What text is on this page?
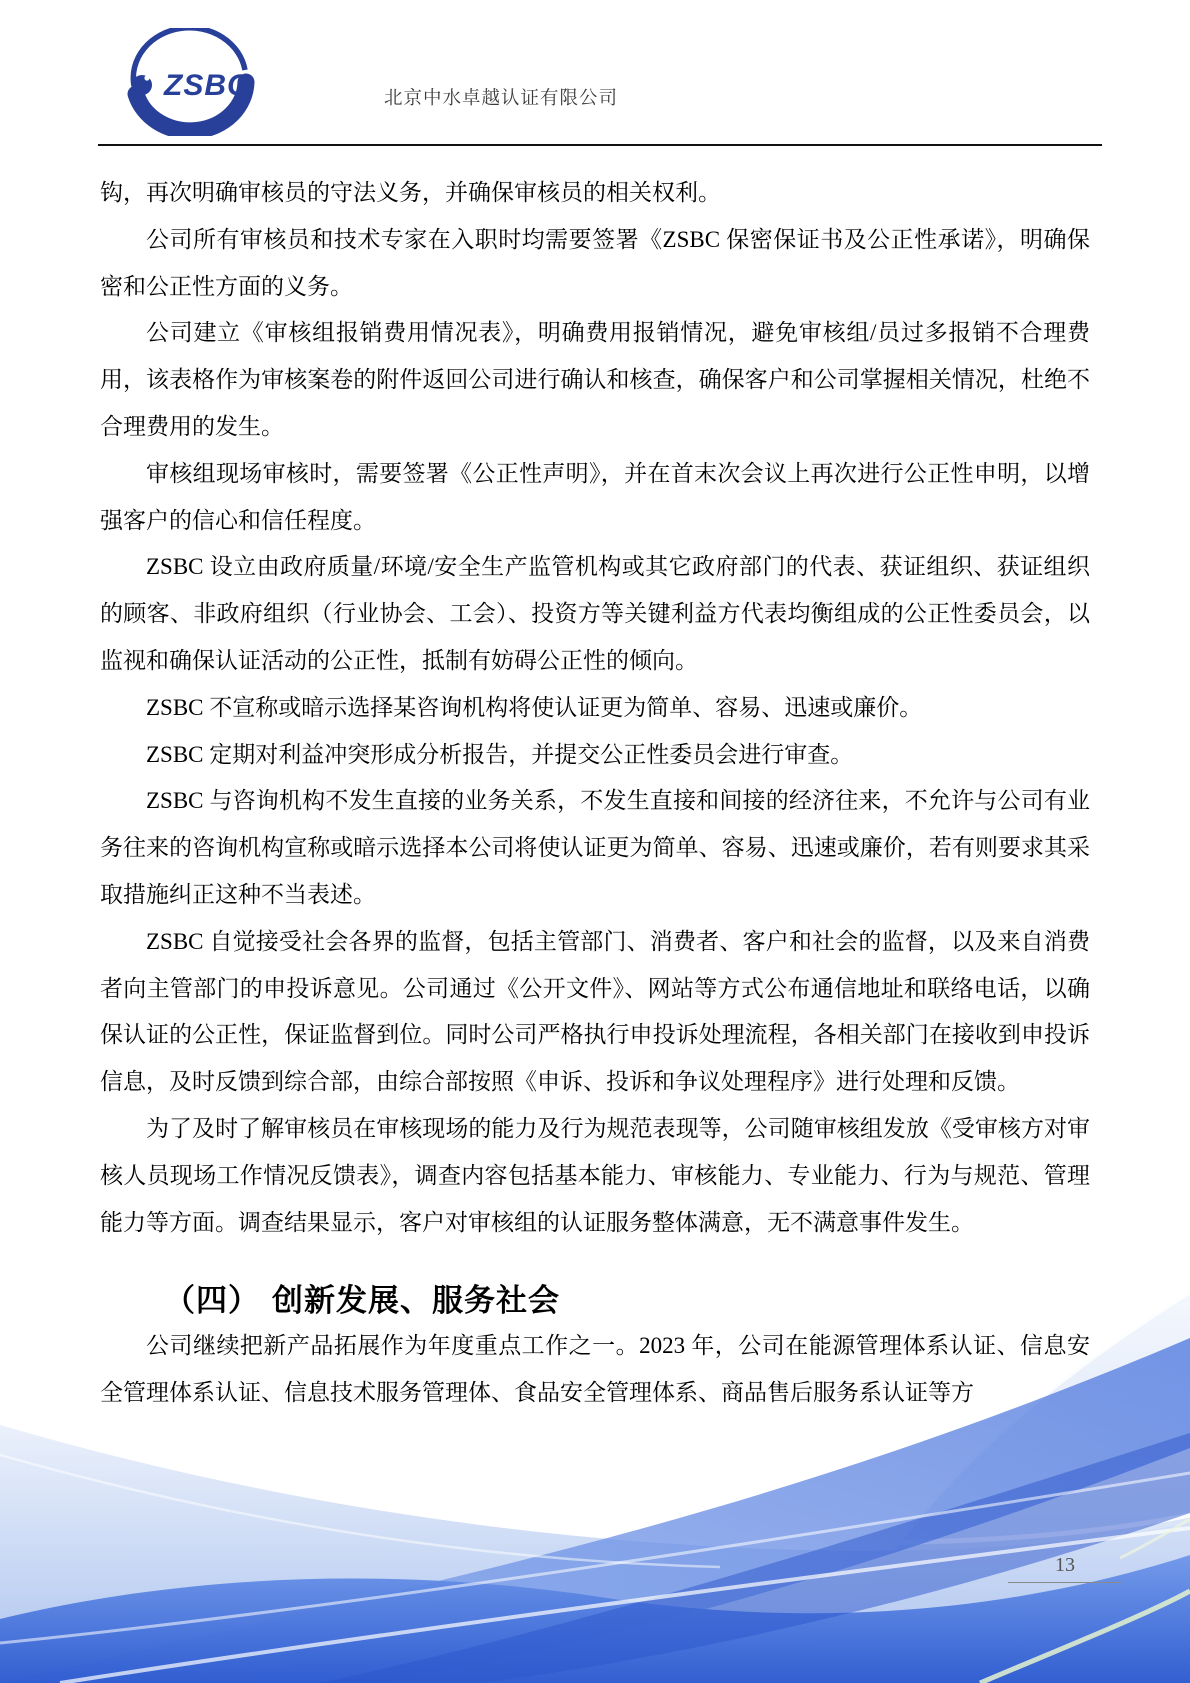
ZSBC	北京中水卓越认证有限公司

钩，再次明确审核员的守法义务，并确保审核员的相关权利。

公司所有审核员和技术专家在入职时均需要签署《ZSBC 保密保证书及公正性承诺》，明确保密和公正性方面的义务。

公司建立《审核组报销费用情况表》，明确费用报销情况，避免审核组/员过多报销不合理费用，该表格作为审核案卷的附件返回公司进行确认和核查，确保客户和公司掌握相关情况，杜绝不合理费用的发生。

审核组现场审核时，需要签署《公正性声明》，并在首末次会议上再次进行公正性申明，以增强客户的信心和信任程度。

ZSBC 设立由政府质量/环境/安全生产监管机构或其它政府部门的代表、获证组织、获证组织的顾客、非政府组织（行业协会、工会）、投资方等关键利益方代表均衡组成的公正性委员会，以监视和确保认证活动的公正性，抵制有妨碍公正性的倾向。

ZSBC 不宣称或暗示选择某咨询机构将使认证更为简单、容易、迅速或廉价。

ZSBC 定期对利益冲突形成分析报告，并提交公正性委员会进行审查。

ZSBC 与咨询机构不发生直接的业务关系，不发生直接和间接的经济往来，不允许与公司有业务往来的咨询机构宣称或暗示选择本公司将使认证更为简单、容易、迅速或廉价，若有则要求其采取措施纠正这种不当表述。

ZSBC 自觉接受社会各界的监督，包括主管部门、消费者、客户和社会的监督，以及来自消费者向主管部门的申投诉意见。公司通过《公开文件》、网站等方式公布通信地址和联络电话，以确保认证的公正性，保证监督到位。同时公司严格执行申投诉处理流程，各相关部门在接收到申投诉信息，及时反馈到综合部，由综合部按照《申诉、投诉和争议处理程序》进行处理和反馈。

为了及时了解审核员在审核现场的能力及行为规范表现等，公司随审核组发放《受审核方对审核人员现场工作情况反馈表》，调查内容包括基本能力、审核能力、专业能力、行为与规范、管理能力等方面。调查结果显示，客户对审核组的认证服务整体满意，无不满意事件发生。

（四） 创新发展、服务社会

公司继续把新产品拓展作为年度重点工作之一。2023 年，公司在能源管理体系认证、信息安全管理体系认证、信息技术服务管理体、食品安全管理体系、商品售后服务系认证等方

13
